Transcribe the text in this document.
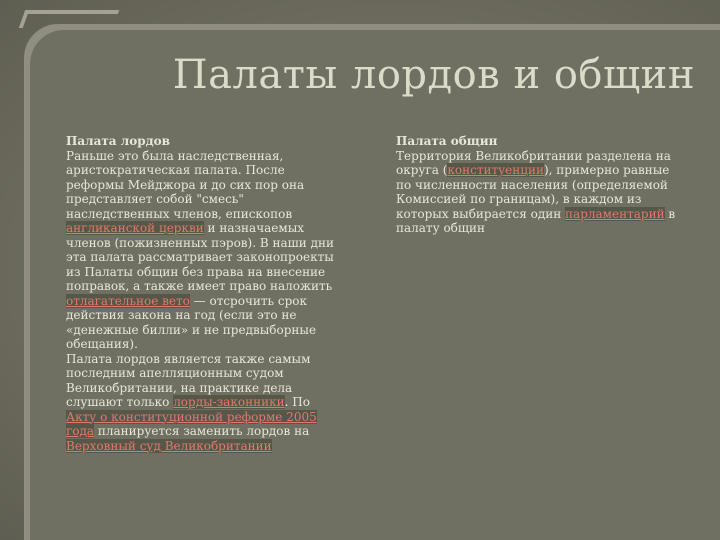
Палаты лордов и общин
Палата лордов
Раньше это была наследственная, аристократическая палата. После реформы Мейджора и до сих пор она представляет собой "смесь" наследственных членов, епископов англиканской церкви и назначаемых членов (пожизненных пэров). В наши дни эта палата рассматривает законопроекты из Палаты общин без права на внесение поправок, а также имеет право наложить отлагательное вето — отсрочить срок действия закона на год (если это не «денежные билли» и не предвыборные обещания).
Палата лордов является также самым последним апелляционным судом Великобритании, на практике дела слушают только лорды-законники. По Акту о конституционной реформе 2005 года планируется заменить лордов на Верховный суд Великобритании
Палата общин
Территория Великобритании разделена на округа (конституенции), примерно равные по численности населения (определяемой Комиссией по границам), в каждом из которых выбирается один парламентарий в палату общин
